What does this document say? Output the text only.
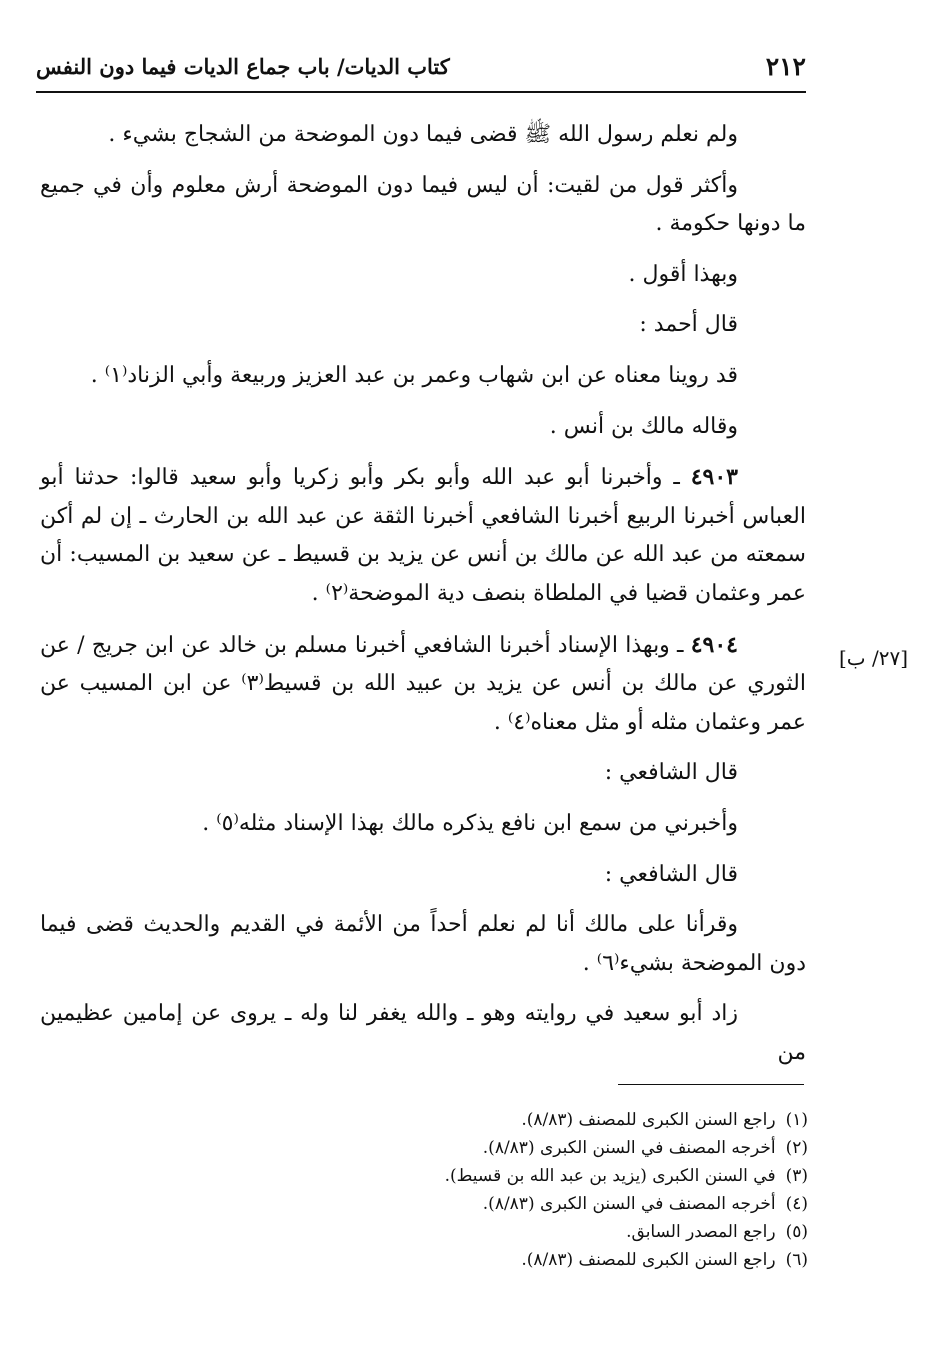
٢١٢
كتاب الديات/ باب جماع الديات فيما دون النفس
[٢٧/ ب]

ولم نعلم رسول الله ﷺ قضى فيما دون الموضحة من الشجاج بشيء .

وأكثر قول من لقيت: أن ليس فيما دون الموضحة أرش معلوم وأن في جميع ما دونها حكومة .

وبهذا أقول .

قال أحمد :

قد روينا معناه عن ابن شهاب وعمر بن عبد العزيز وربيعة وأبي الزناد⁽١⁾ .

وقاله مالك بن أنس .

٤٩٠٣ ـ وأخبرنا أبو عبد الله وأبو بكر وأبو زكريا وأبو سعيد قالوا: حدثنا أبو العباس أخبرنا الربيع أخبرنا الشافعي أخبرنا الثقة عن عبد الله بن الحارث ـ إن لم أكن سمعته من عبد الله عن مالك بن أنس عن يزيد بن قسيط ـ عن سعيد بن المسيب: أن عمر وعثمان قضيا في الملطاة بنصف دية الموضحة⁽٢⁾ .

٤٩٠٤ ـ وبهذا الإسناد أخبرنا الشافعي أخبرنا مسلم بن خالد عن ابن جريج / عن الثوري عن مالك بن أنس عن يزيد بن عبيد الله بن قسيط⁽٣⁾ عن ابن المسيب عن عمر وعثمان مثله أو مثل معناه⁽٤⁾ .

قال الشافعي :

وأخبرني من سمع ابن نافع يذكره مالك بهذا الإسناد مثله⁽٥⁾ .

قال الشافعي :

وقرأنا على مالك أنا لم نعلم أحداً من الأئمة في القديم والحديث قضى فيما دون الموضحة بشيء⁽٦⁾ .

زاد أبو سعيد في روايته وهو ـ والله يغفر لنا وله ـ يروى عن إمامين عظيمين من

(١)راجع السنن الكبرى للمصنف (٨/٨٣).

(٢)أخرجه المصنف في السنن الكبرى (٨/٨٣).

(٣)في السنن الكبرى (يزيد بن عبد الله بن قسيط).

(٤)أخرجه المصنف في السنن الكبرى (٨/٨٣).

(٥)راجع المصدر السابق.

(٦)راجع السنن الكبرى للمصنف (٨/٨٣).
